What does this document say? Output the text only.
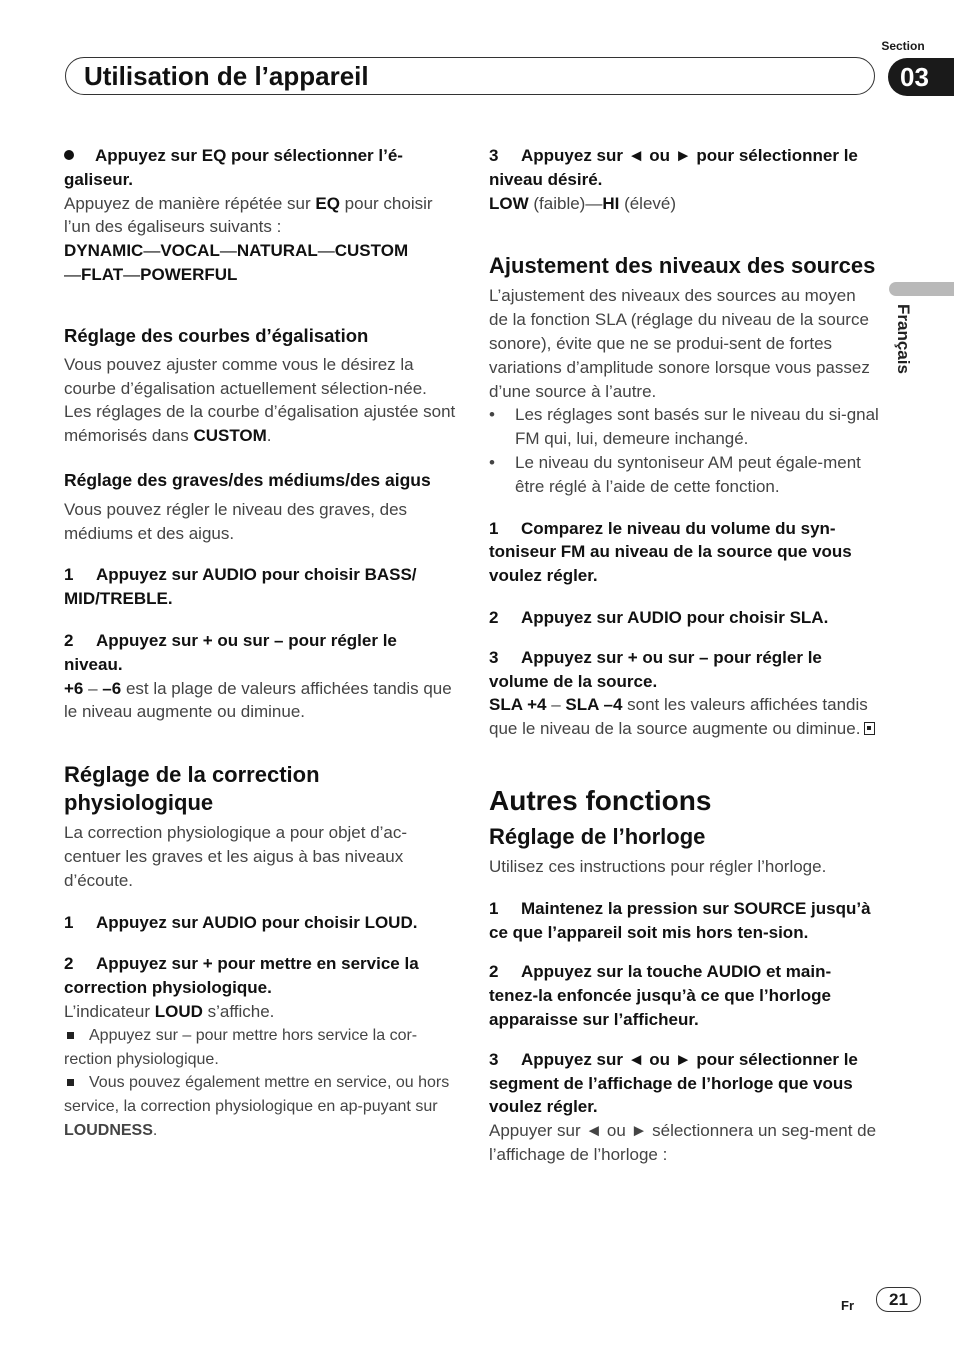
Section
03
Utilisation de l’appareil
Français

Appuyez sur EQ pour sélectionner l’é-galiseur.

Appuyez de manière répétée sur EQ pour choisir l’un des égaliseurs suivants :

DYNAMIC—VOCAL—NATURAL—CUSTOM
—FLAT—POWERFUL

Réglage des courbes d’égalisation

Vous pouvez ajuster comme vous le désirez la courbe d’égalisation actuellement sélection-née. Les réglages de la courbe d’égalisation ajustée sont mémorisés dans CUSTOM.

Réglage des graves/des médiums/des aigus

Vous pouvez régler le niveau des graves, des médiums et des aigus.

1 Appuyez sur AUDIO pour choisir BASS/ MID/TREBLE.

2 Appuyez sur + ou sur – pour régler le niveau.

+6 – –6 est la plage de valeurs affichées tandis que le niveau augmente ou diminue.

Réglage de la correction physiologique

La correction physiologique a pour objet d’ac-centuer les graves et les aigus à bas niveaux d’écoute.

1 Appuyez sur AUDIO pour choisir LOUD.

2 Appuyez sur + pour mettre en service la correction physiologique.

L’indicateur LOUD s’affiche.

Appuyez sur – pour mettre hors service la cor-rection physiologique.

Vous pouvez également mettre en service, ou hors service, la correction physiologique en ap-puyant sur LOUDNESS.

3 Appuyez sur ◄ ou ► pour sélectionner le niveau désiré.

LOW (faible)—HI (élevé)

Ajustement des niveaux des sources

L’ajustement des niveaux des sources au moyen de la fonction SLA (réglage du niveau de la source sonore), évite que ne se produi-sent de fortes variations d’amplitude sonore lorsque vous passez d’une source à l’autre.

• Les réglages sont basés sur le niveau du si-gnal FM qui, lui, demeure inchangé.

• Le niveau du syntoniseur AM peut égale-ment être réglé à l’aide de cette fonction.

1 Comparez le niveau du volume du syn-toniseur FM au niveau de la source que vous voulez régler.

2 Appuyez sur AUDIO pour choisir SLA.

3 Appuyez sur + ou sur – pour régler le volume de la source.

SLA +4 – SLA –4 sont les valeurs affichées tandis que le niveau de la source augmente ou diminue.

Autres fonctions

Réglage de l’horloge

Utilisez ces instructions pour régler l’horloge.

1 Maintenez la pression sur SOURCE jusqu’à ce que l’appareil soit mis hors ten-sion.

2 Appuyez sur la touche AUDIO et main-tenez-la enfoncée jusqu’à ce que l’horloge apparaisse sur l’afficheur.

3 Appuyez sur ◄ ou ► pour sélectionner le segment de l’affichage de l’horloge que vous voulez régler.

Appuyer sur ◄ ou ► sélectionnera un seg-ment de l’affichage de l’horloge :

Fr	21
